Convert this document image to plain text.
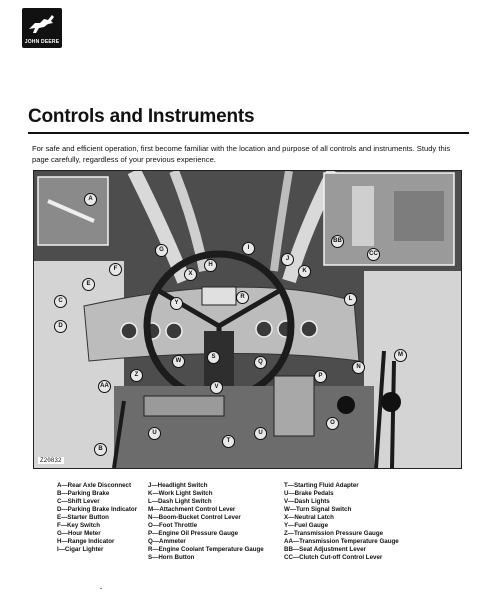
JOHN DEERE
Controls and Instruments
For safe and efficient operation, first become familiar with the location and purpose of all controls and instruments. Study this page carefully, regardless of your previous experience.
A
B
C
D
E
F
G
H
I
J
K
L
M
N
O
P
Q
R
S
T
U	U
V
W
X
Y
Z
AA
BB
CC
Z20832
A—Rear Axle Disconnect
B—Parking Brake
C—Shift Lever
D—Parking Brake Indicator
E—Starter Button
F—Key Switch
G—Hour Meter
H—Range Indicator
I—Cigar Lighter
J—Headlight Switch
K—Work Light Switch
L—Dash Light Switch
M—Attachment Control Lever
N—Boom-Bucket Control Lever
O—Foot Throttle
P—Engine Oil Pressure Gauge
Q—Ammeter
R—Engine Coolant Temperature Gauge
S—Horn Button
T—Starting Fluid Adapter
U—Brake Pedals
V—Dash Lights
W—Turn Signal Switch
X—Neutral Latch
Y—Fuel Gauge
Z—Transmission Pressure Gauge
AA—Transmission Temperature Gauge
BB—Seat Adjustment Lever
CC—Clutch Cut-off Control Lever
